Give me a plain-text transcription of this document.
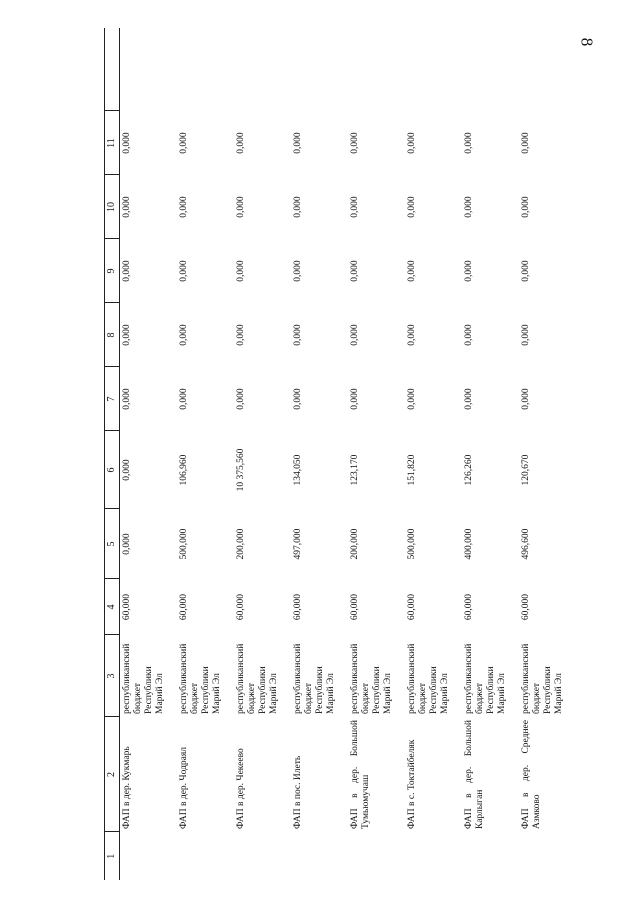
8
1	2	3	4	5	6	7	8	9	10	11	
	ФАП в дер. Кукмарь	республиканский бюджет Республики Марий Эл	60,000	0,000	0,000	0,000	0,000	0,000	0,000	0,000	
	ФАП в дер. Чодраял	республиканский бюджет Республики Марий Эл	60,000	500,000	106,960	0,000	0,000	0,000	0,000	0,000	
	ФАП в дер. Чекеево	республиканский бюджет Республики Марий Эл	60,000	200,000	10 375,560	0,000	0,000	0,000	0,000	0,000	
	ФАП в пос. Илеть	республиканский бюджет Республики Марий Эл	60,000	497,000	134,050	0,000	0,000	0,000	0,000	0,000	
	ФАП в дер. Большой Тумьюмучаш	республиканский бюджет Республики Марий Эл	60,000	200,000	123,170	0,000	0,000	0,000	0,000	0,000	
	ФАП в с. Токтайбеляк	республиканский бюджет Республики Марий Эл	60,000	500,000	151,820	0,000	0,000	0,000	0,000	0,000	
	ФАП в дер. Большой Карлыган	республиканский бюджет Республики Марий Эл	60,000	400,000	126,260	0,000	0,000	0,000	0,000	0,000	
	ФАП в дер. Среднее Азмково	республиканский бюджет Республики Марий Эл	60,000	496,600	120,670	0,000	0,000	0,000	0,000	0,000	
